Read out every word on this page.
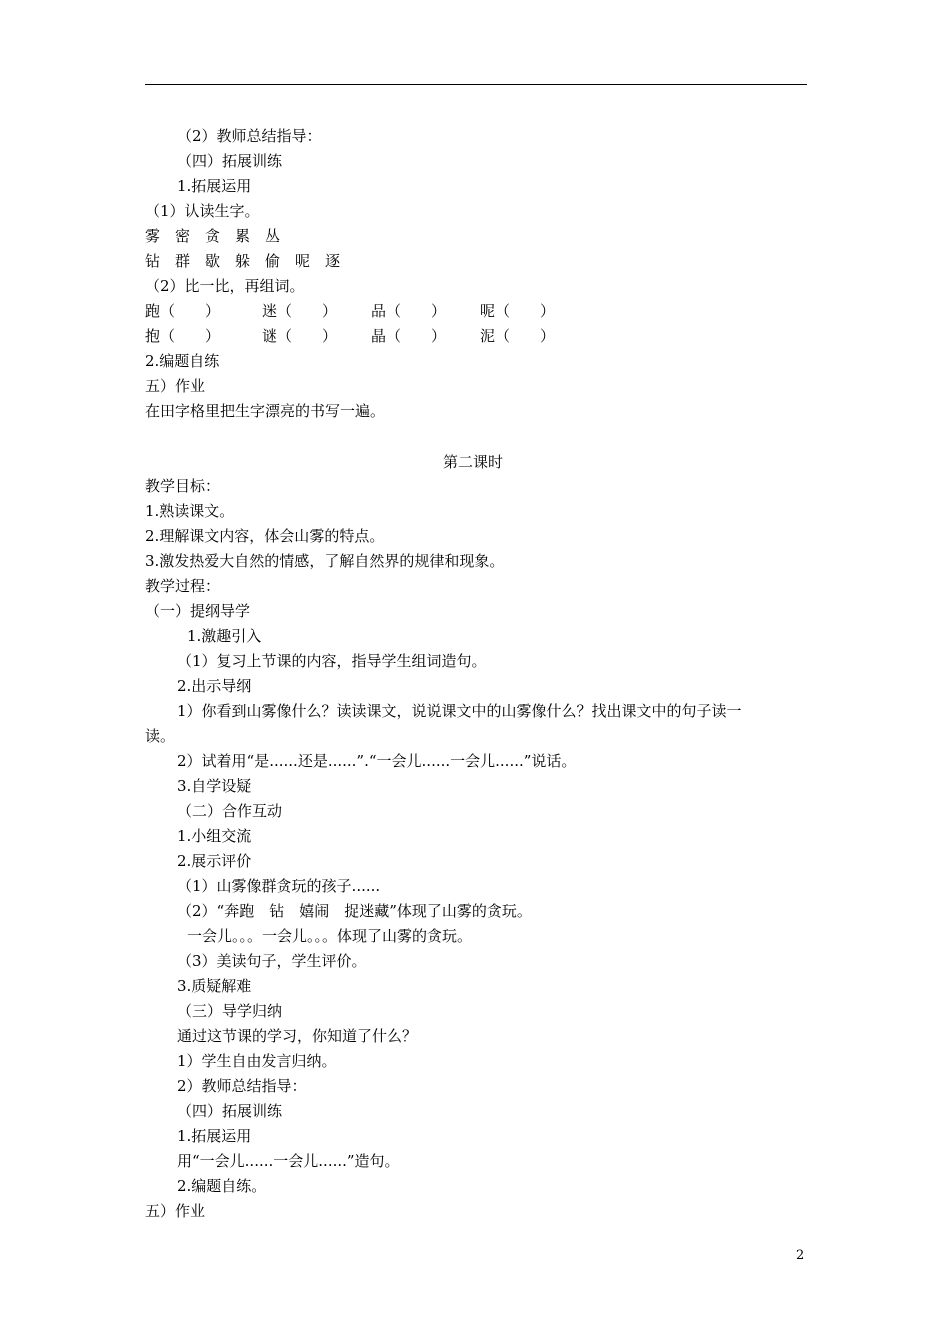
（2）教师总结指导：
（四）拓展训练
1.拓展运用
（1）认读生字。
雾　密　贪　累　丛
钻　群　歇　躲　偷　呢　逐
（2）比一比，再组词。
跑（　　）	迷（　　） 品（　　） 呢（　　）
抱（　　）	谜（　　） 晶（　　） 泥（　　）
2.编题自练
五）作业
在田字格里把生字漂亮的书写一遍。
第二课时
教学目标：
1.熟读课文。
2.理解课文内容，体会山雾的特点。
3.激发热爱大自然的情感，了解自然界的规律和现象。
教学过程：
（一）提纲导学
1.激趣引入
（1）复习上节课的内容，指导学生组词造句。
2.出示导纲
1）你看到山雾像什么？读读课文，说说课文中的山雾像什么？找出课文中的句子读一
读。
2）试着用“是......还是......”.“一会儿......一会儿......”说话。
3.自学设疑
（二）合作互动
1.小组交流
2.展示评价
（1）山雾像群贪玩的孩子......
（2）“奔跑　钻　嬉闹　捉迷藏”体现了山雾的贪玩。
一会儿。。。一会儿。。。体现了山雾的贪玩。
（3）美读句子，学生评价。
3.质疑解难
（三）导学归纳
通过这节课的学习，你知道了什么？
1）学生自由发言归纳。
2）教师总结指导：
（四）拓展训练
1.拓展运用
用“一会儿......一会儿......”造句。
2.编题自练。
五）作业
2
